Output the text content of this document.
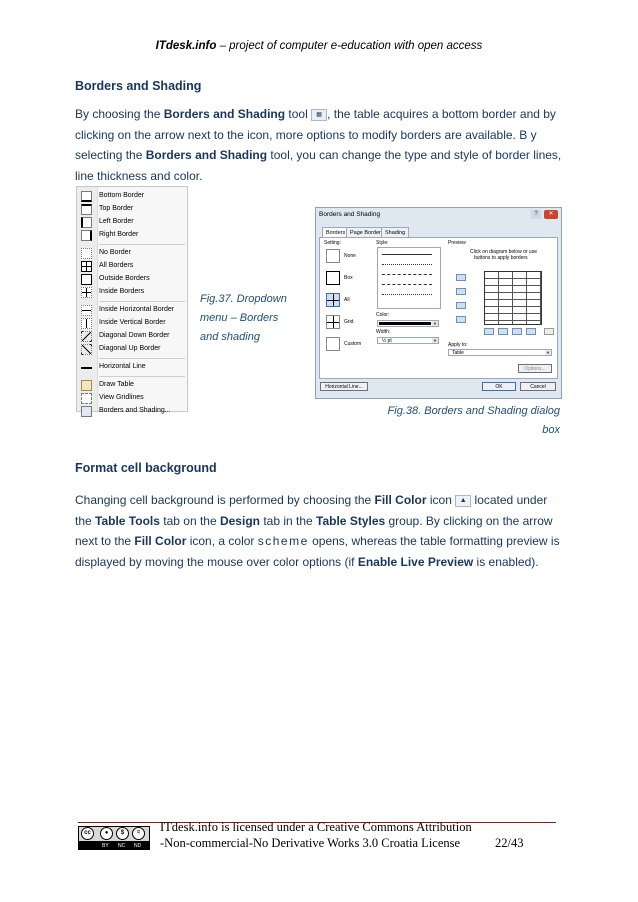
ITdesk.info – project of computer e-education with open access
Borders and Shading
By choosing the Borders and Shading tool ▦ , the table acquires a bottom border and by clicking on the arrow next to the icon, more options to modify borders are available. B y selecting the Borders and Shading tool, you can change the type and style of border lines, line thickness and color.
Bottom Border
Top Border
Left Border
Right Border
No Border
All Borders
Outside Borders
Inside Borders
Inside Horizontal Border
Inside Vertical Border
Diagonal Down Border
Diagonal Up Border
Horizontal Line
Draw Table
View Gridlines
Borders and Shading...
Fig.37. Dropdown
menu – Borders
and shading
Borders and Shading	?	✕
Borders Page Border Shading
Setting:
None
Box
All
Grid
Custom
Style:
Color:
▼
Width:
½ pt	▼
Preview
Click on diagram below or use
buttons to apply borders
Apply to:
Table	▼
Options...
Horizontal Line...	OK	Cancel
Fig.38. Borders and Shading dialog box
Format cell background
Changing cell background is performed by choosing the Fill Color icon ▲ located under the Table Tools tab on the Design tab in the Table Styles group. By clicking on the arrow next to the Fill Color icon, a color scheme opens, whereas the table formatting preview is displayed by moving the mouse over color options (if Enable Live Preview is enabled).
cc	●	$	=
BY NC ND
ITdesk.info is licensed under a Creative Commons Attribution
-Non-commercial-No Derivative Works 3.0 Croatia License	22/43
